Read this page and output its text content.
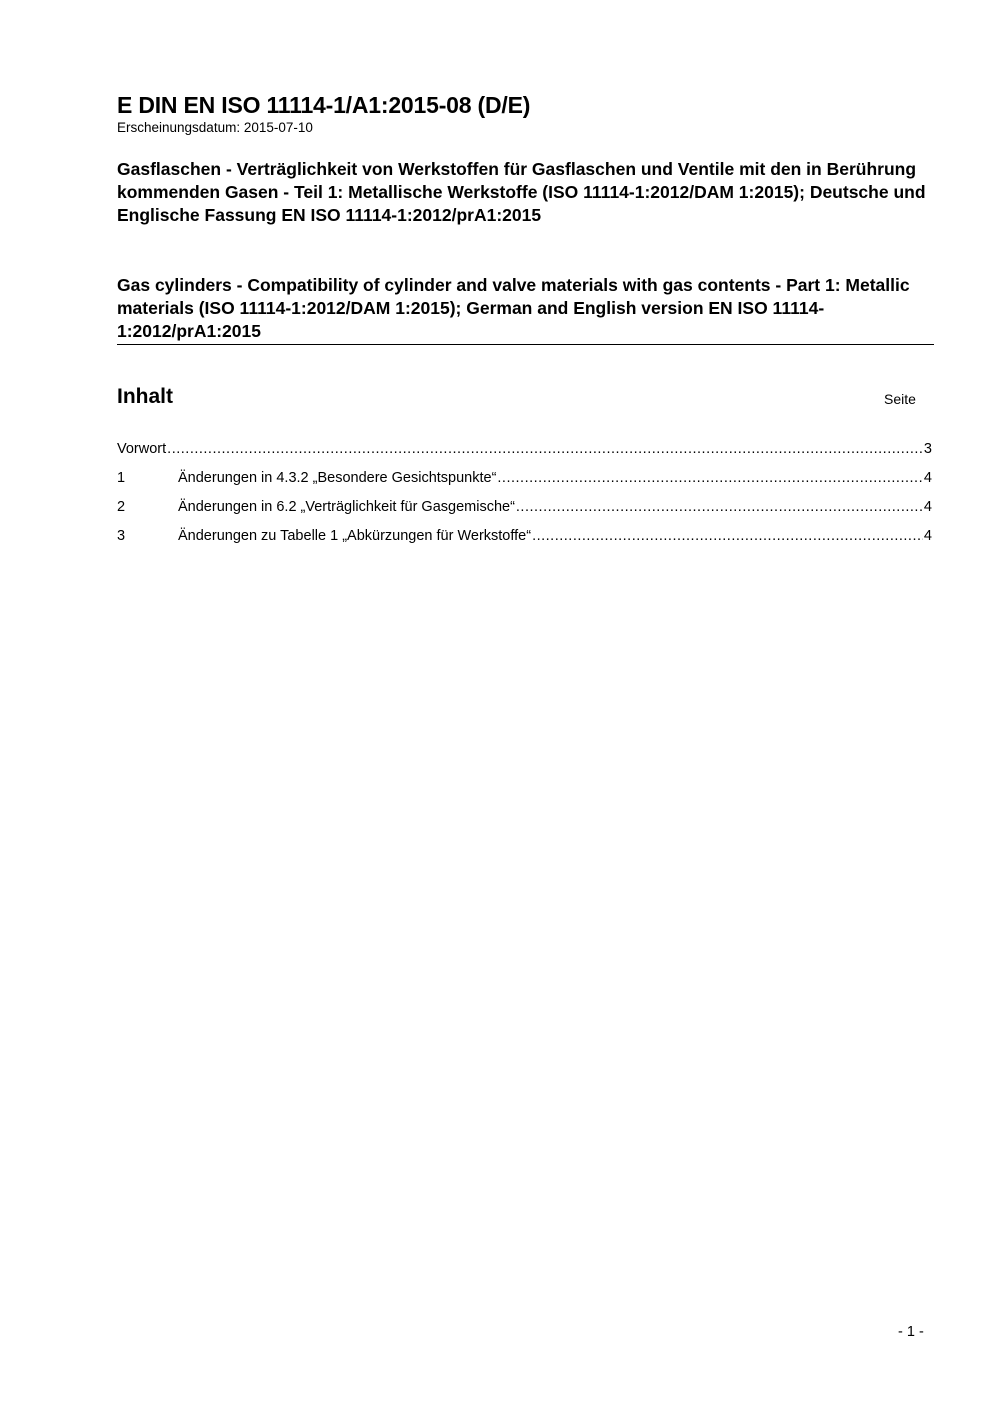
E DIN EN ISO 11114-1/A1:2015-08 (D/E)

Erscheinungsdatum: 2015-07-10

Gasflaschen - Verträglichkeit von Werkstoffen für Gasflaschen und Ventile mit den in Berührung kommenden Gasen - Teil 1: Metallische Werkstoffe (ISO 11114-1:2012/DAM 1:2015); Deutsche und Englische Fassung EN ISO 11114-1:2012/prA1:2015

Gas cylinders - Compatibility of cylinder and valve materials with gas contents - Part 1: Metallic materials (ISO 11114-1:2012/DAM 1:2015); German and English version EN ISO 11114-1:2012/prA1:2015

Inhalt	Seite
Vorwort .....	3
1	Änderungen in 4.3.2 „Besondere Gesichtspunkte“ .....	4
2	Änderungen in 6.2 „Verträglichkeit für Gasgemische“ .....	4
3	Änderungen zu Tabelle 1 „Abkürzungen für Werkstoffe“ .....	4
- 1 -
